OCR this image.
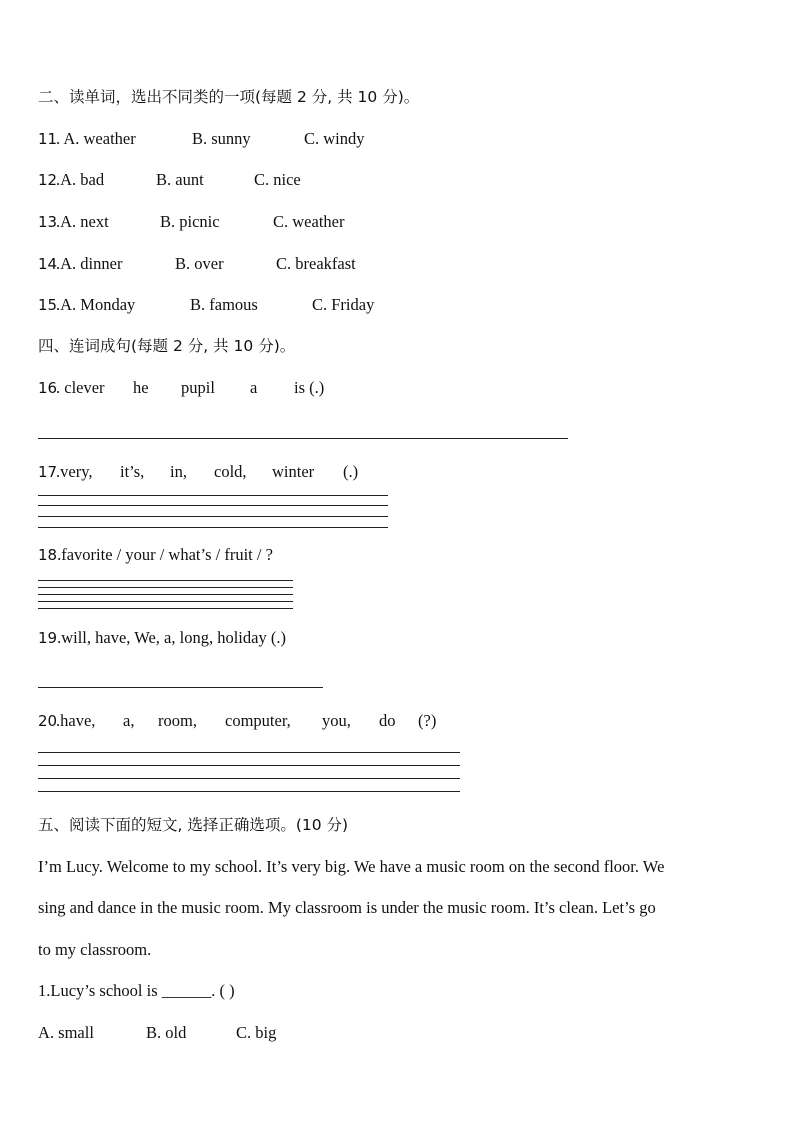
二、读单词，选出不同类的一项(每题 2 分, 共 10 分)。
11
. A. weather	B. sunny	C. windy
12
.A. bad	B. aunt	C. nice
13
.A. next	B. picnic	C. weather
14
.A. dinner	B. over	C. breakfast
15
.A. Monday	B. famous	C. Friday
四、连词成句(每题 2 分, 共 10 分)。
16
. clever he pupil a is (.)
17
.very, it’s, in, cold, winter (.)
18.favorite / your / what’s / fruit / ?
19.will, have, We, a, long, holiday (.)
20
.have, a, room, computer, you, do (?)
五、阅读下面的短文, 选择正确选项。(10 分)
I’m Lucy. Welcome to my school. It’s very big. We have a music room on the second floor. We
sing and dance in the music room. My classroom is under the music room. It’s clean. Let’s go
to my classroom.
1.Lucy’s school is ______. ( )
A. small	B. old	C. big
